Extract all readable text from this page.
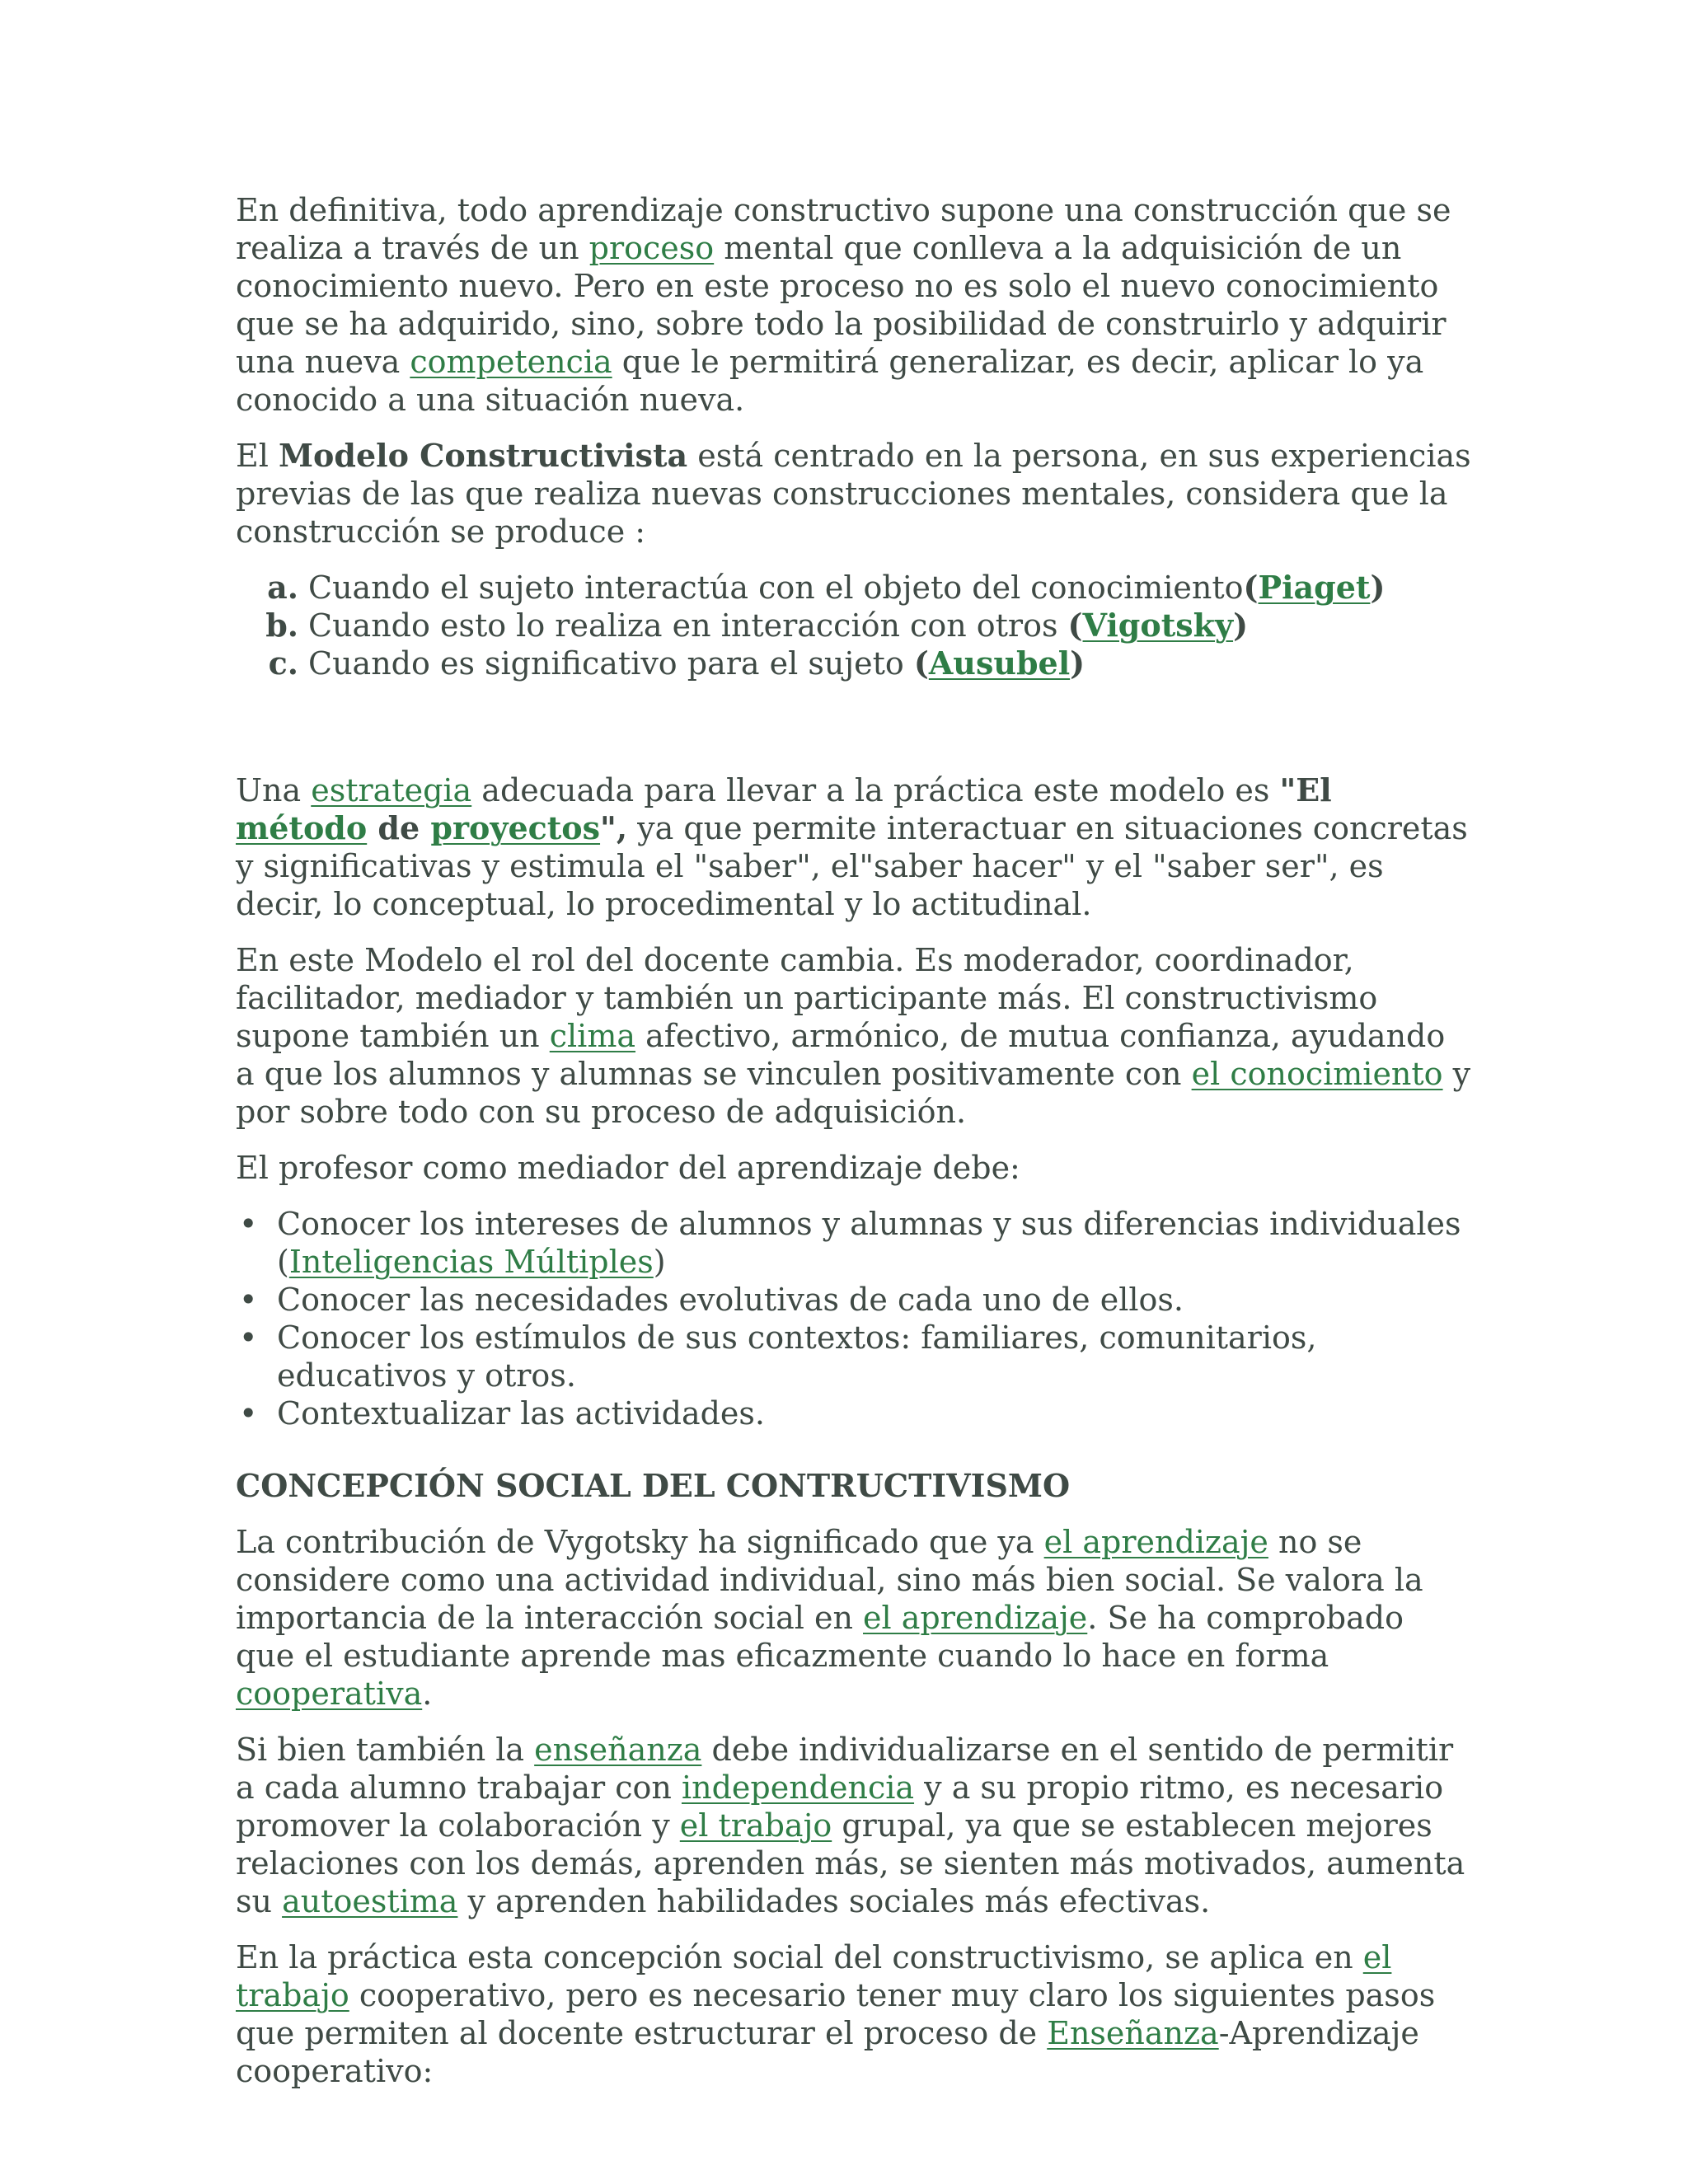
En definitiva, todo aprendizaje constructivo supone una construcción que se realiza a través de un proceso mental que conlleva a la adquisición de un conocimiento nuevo. Pero en este proceso no es solo el nuevo conocimiento que se ha adquirido, sino, sobre todo la posibilidad de construirlo y adquirir una nueva competencia que le permitirá generalizar, es decir, aplicar lo ya conocido a una situación nueva.

El Modelo Constructivista está centrado en la persona, en sus experiencias previas de las que realiza nuevas construcciones mentales, considera que la construcción se produce :

a. Cuando el sujeto interactúa con el objeto del conocimiento(Piaget)
b. Cuando esto lo realiza en interacción con otros (Vigotsky)
c. Cuando es significativo para el sujeto (Ausubel)

Una estrategia adecuada para llevar a la práctica este modelo es "El método de proyectos", ya que permite interactuar en situaciones concretas y significativas y estimula el "saber", el"saber hacer" y el "saber ser", es decir, lo conceptual, lo procedimental y lo actitudinal.

En este Modelo el rol del docente cambia. Es moderador, coordinador, facilitador, mediador y también un participante más. El constructivismo supone también un clima afectivo, armónico, de mutua confianza, ayudando a que los alumnos y alumnas se vinculen positivamente con el conocimiento y por sobre todo con su proceso de adquisición.

El profesor como mediador del aprendizaje debe:

• Conocer los intereses de alumnos y alumnas y sus diferencias individuales (Inteligencias Múltiples)
• Conocer las necesidades evolutivas de cada uno de ellos.
• Conocer los estímulos de sus contextos: familiares, comunitarios, educativos y otros.
• Contextualizar las actividades.
CONCEPCIÓN SOCIAL DEL CONTRUCTIVISMO

La contribución de Vygotsky ha significado que ya el aprendizaje no se considere como una actividad individual, sino más bien social. Se valora la importancia de la interacción social en el aprendizaje. Se ha comprobado que el estudiante aprende mas eficazmente cuando lo hace en forma cooperativa.

Si bien también la enseñanza debe individualizarse en el sentido de permitir a cada alumno trabajar con independencia y a su propio ritmo, es necesario promover la colaboración y el trabajo grupal, ya que se establecen mejores relaciones con los demás, aprenden más, se sienten más motivados, aumenta su autoestima y aprenden habilidades sociales más efectivas.

En la práctica esta concepción social del constructivismo, se aplica en el trabajo cooperativo, pero es necesario tener muy claro los siguientes pasos que permiten al docente estructurar el proceso de Enseñanza-Aprendizaje cooperativo:
